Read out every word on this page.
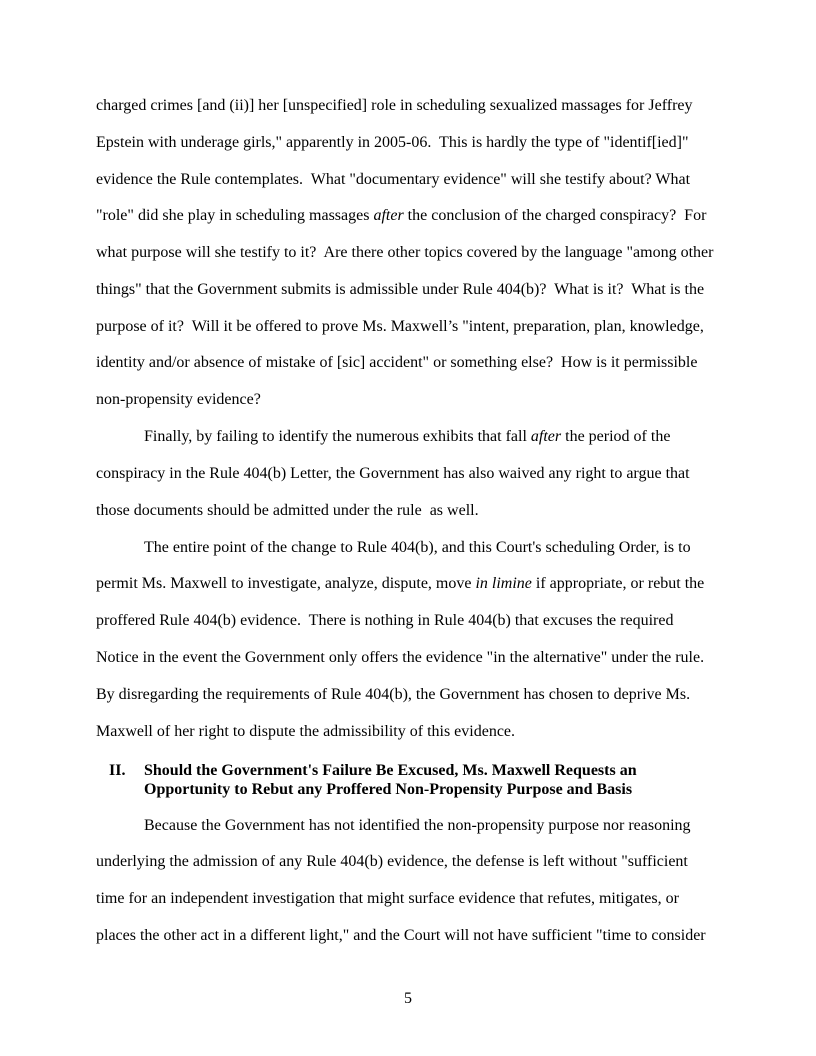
charged crimes [and (ii)] her [unspecified] role in scheduling sexualized massages for Jeffrey
Epstein with underage girls," apparently in 2005-06.  This is hardly the type of "identif[ied]"
evidence the Rule contemplates.  What "documentary evidence" will she testify about? What
"role" did she play in scheduling massages after the conclusion of the charged conspiracy?  For
what purpose will she testify to it?  Are there other topics covered by the language "among other
things" that the Government submits is admissible under Rule 404(b)?  What is it?  What is the
purpose of it?  Will it be offered to prove Ms. Maxwell’s "intent, preparation, plan, knowledge,
identity and/or absence of mistake of [sic] accident" or something else?  How is it permissible
non-propensity evidence?
Finally, by failing to identify the numerous exhibits that fall after the period of the
conspiracy in the Rule 404(b) Letter, the Government has also waived any right to argue that
those documents should be admitted under the rule  as well.
The entire point of the change to Rule 404(b), and this Court's scheduling Order, is to
permit Ms. Maxwell to investigate, analyze, dispute, move in limine if appropriate, or rebut the
proffered Rule 404(b) evidence.  There is nothing in Rule 404(b) that excuses the required
Notice in the event the Government only offers the evidence "in the alternative" under the rule.
By disregarding the requirements of Rule 404(b), the Government has chosen to deprive Ms.
Maxwell of her right to dispute the admissibility of this evidence.
II. Should the Government's Failure Be Excused, Ms. Maxwell Requests an
Opportunity to Rebut any Proffered Non-Propensity Purpose and Basis
Because the Government has not identified the non-propensity purpose nor reasoning
underlying the admission of any Rule 404(b) evidence, the defense is left without "sufficient
time for an independent investigation that might surface evidence that refutes, mitigates, or
places the other act in a different light," and the Court will not have sufficient "time to consider
5
